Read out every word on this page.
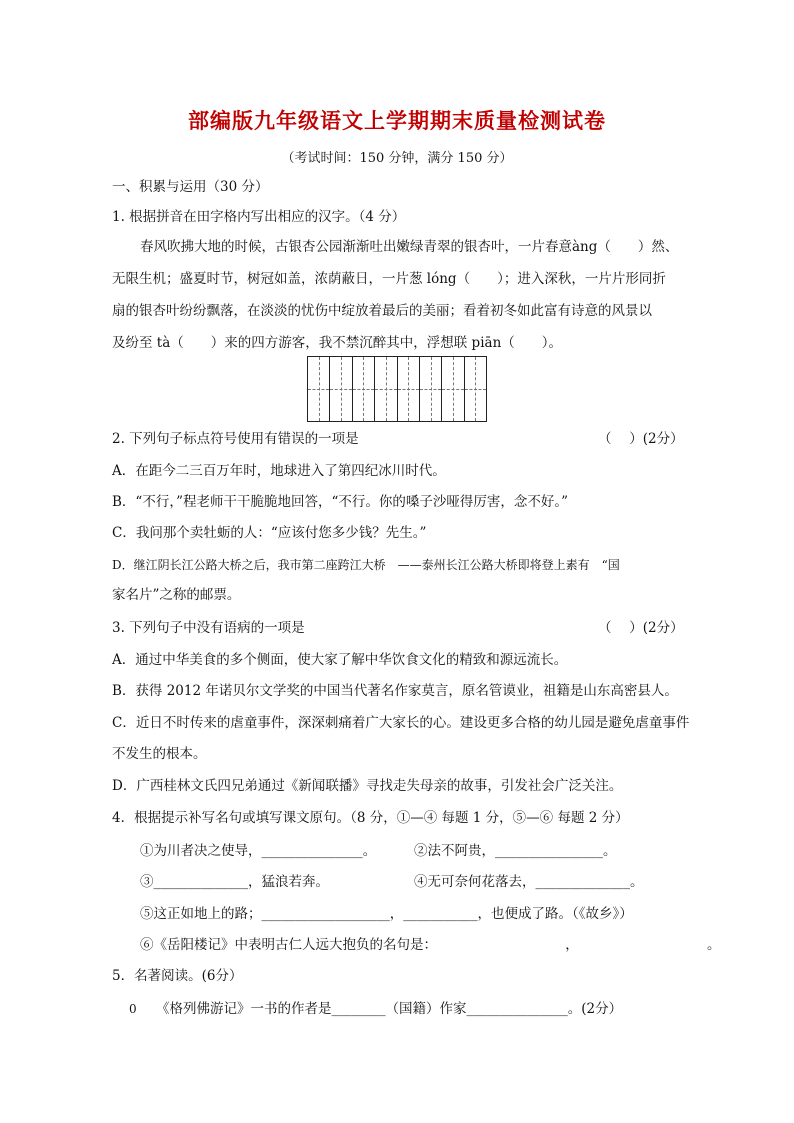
部编版九年级语文上学期期末质量检测试卷
（考试时间：150 分钟，满分 150 分）
一、积累与运用（30 分）
1. 根据拼音在田字格内写出相应的汉字。（4 分）
春风吹拂大地的时候，古银杏公园渐渐吐出嫩绿青翠的银杏叶，一片春意àng（　　）然、
无限生机；盛夏时节，树冠如盖，浓荫蔽日，一片葱 lóng（　　）；进入深秋，一片片形同折
扇的银杏叶纷纷飘落，在淡淡的忧伤中绽放着最后的美丽；看着初冬如此富有诗意的风景以
及纷至 tà（　　）来的四方游客，我不禁沉醉其中，浮想联 piān（　　）。
2. 下列句子标点符号使用有错误的一项是	（　 ）(2分）
A．在距今二三百万年时，地球进入了第四纪冰川时代。
B．“不行，”程老师干干脆脆地回答，“不行。你的嗓子沙哑得厉害，念不好。”
C．我问那个卖牡蛎的人：“应该付您多少钱？先生。”
D．继江阴长江公路大桥之后，我市第二座跨江大桥　——泰州长江公路大桥即将登上素有　“国
家名片”之称的邮票。
3. 下列句子中没有语病的一项是	（　 ）(2分）
A．通过中华美食的多个侧面，使大家了解中华饮食文化的精致和源远流长。
B．获得 2012 年诺贝尔文学奖的中国当代著名作家莫言，原名管谟业，祖籍是山东高密县人。
C．近日不时传来的虐童事件，深深刺痛着广大家长的心。建设更多合格的幼儿园是避免虐童事件
不发生的根本。
D．广西桂林文氏四兄弟通过《新闻联播》寻找走失母亲的故事，引发社会广泛关注。
4．根据提示补写名句或填写课文原句。（8 分，①—④ 每题 1 分，⑤—⑥ 每题 2 分）
①为川者决之使导，_______________。	②法不阿贵，________________。
③______________，猛浪若奔。	④无可奈何花落去，______________。
⑤这正如地上的路；___________________，___________，也便成了路。（《故乡》）
⑥《岳阳楼记》中表明古仁人远大抱负的名句是：　　　　　　　　　　，　　　　　　　　　　。
5．名著阅读。(6分）
0 《格列佛游记》一书的作者是________（国籍）作家_______________。(2分）
